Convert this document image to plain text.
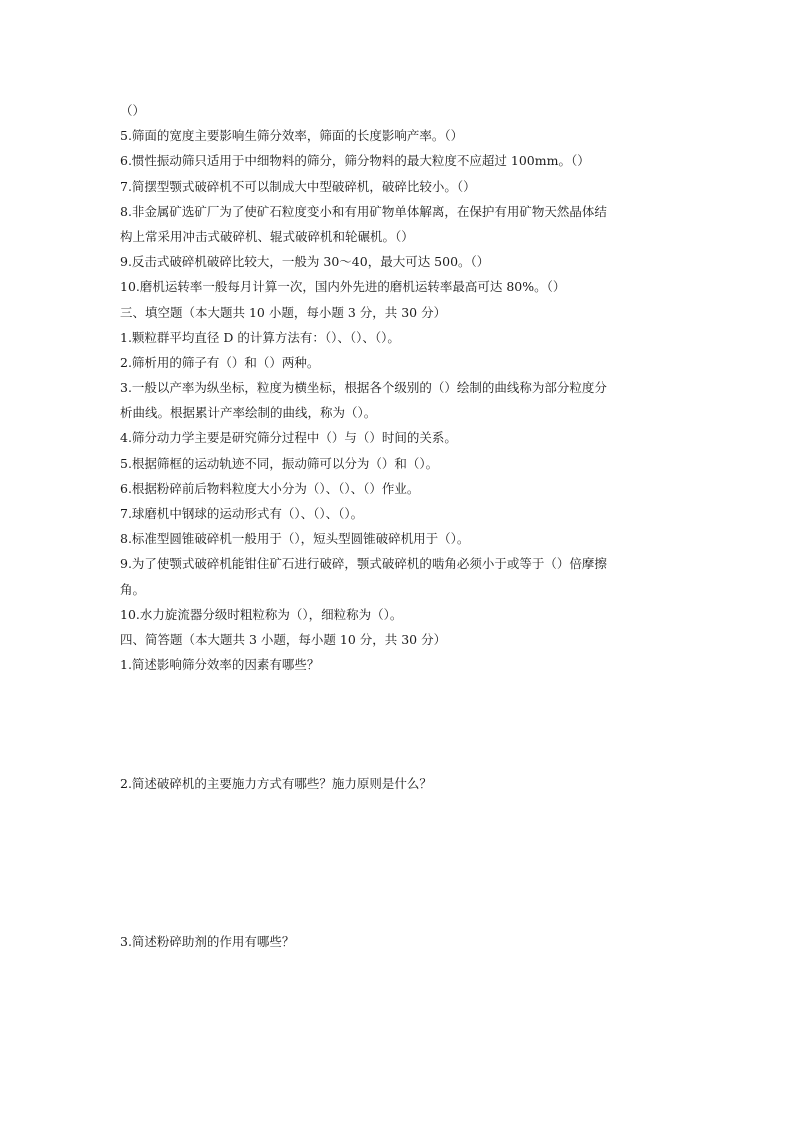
（）
5.筛面的宽度主要影响生筛分效率，筛面的长度影响产率。（）
6.惯性振动筛只适用于中细物料的筛分，筛分物料的最大粒度不应超过 100mm。（）
7.简摆型颚式破碎机不可以制成大中型破碎机，破碎比较小。（）
8.非金属矿选矿厂为了使矿石粒度变小和有用矿物单体解离，在保护有用矿物天然晶体结
构上常采用冲击式破碎机、辊式破碎机和轮碾机。（）
9.反击式破碎机破碎比较大，一般为 30～40，最大可达 500。（）
10.磨机运转率一般每月计算一次，国内外先进的磨机运转率最高可达 80%。（）
三、填空题（本大题共 10 小题，每小题 3 分，共 30 分）
1.颗粒群平均直径 D 的计算方法有：（）、（）、（）。
2.筛析用的筛子有（）和（）两种。
3.一般以产率为纵坐标，粒度为横坐标，根据各个级别的（）绘制的曲线称为部分粒度分
析曲线。根据累计产率绘制的曲线，称为（）。
4.筛分动力学主要是研究筛分过程中（）与（）时间的关系。
5.根据筛框的运动轨迹不同，振动筛可以分为（）和（）。
6.根据粉碎前后物料粒度大小分为（）、（）、（）作业。
7.球磨机中钢球的运动形式有（）、（）、（）。
8.标准型圆锥破碎机一般用于（），短头型圆锥破碎机用于（）。
9.为了使颚式破碎机能钳住矿石进行破碎，颚式破碎机的啮角必须小于或等于（）倍摩擦
角。
10.水力旋流器分级时粗粒称为（），细粒称为（）。
四、简答题（本大题共 3 小题，每小题 10 分，共 30 分）
1.简述影响筛分效率的因素有哪些？
2.简述破碎机的主要施力方式有哪些？施力原则是什么？
3.简述粉碎助剂的作用有哪些？
